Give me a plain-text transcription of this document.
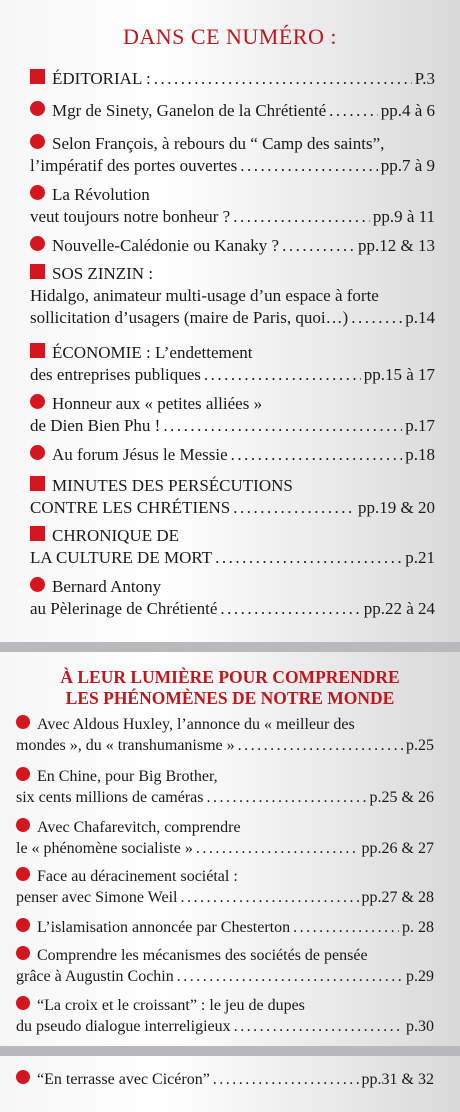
DANS CE NUMÉRO :
ÉDITORIAL : .....	P.3
Mgr de Sinety, Ganelon de la Chrétienté .....	pp.4 à 6
Selon François, à rebours du “ Camp des saints”,
l’impératif des portes ouvertes .....	pp.7 à 9
La Révolution
veut toujours notre bonheur ? .....	pp.9 à 11
Nouvelle-Calédonie ou Kanaky ? .....	pp.12 & 13
SOS ZINZIN :
Hidalgo, animateur multi-usage d’un espace à forte
sollicitation d’usagers (maire de Paris, quoi…) .....	p.14
ÉCONOMIE : L’endettement
des entreprises publiques .....	pp.15 à 17
Honneur aux « petites alliées »
de Dien Bien Phu ! .....	p.17
Au forum Jésus le Messie .....	p.18
MINUTES DES PERSÉCUTIONS
CONTRE LES CHRÉTIENS .....	pp.19 & 20
CHRONIQUE DE
LA CULTURE DE MORT .....	p.21
Bernard Antony
au Pèlerinage de Chrétienté .....	pp.22 à 24
À LEUR LUMIÈRE POUR COMPRENDRE
LES PHÉNOMÈNES DE NOTRE MONDE
Avec Aldous Huxley, l’annonce du « meilleur des
mondes », du « transhumanisme » .....	p.25
En Chine, pour Big Brother,
six cents millions de caméras .....	p.25 & 26
Avec Chafarevitch, comprendre
le « phénomène socialiste » .....	pp.26 & 27
Face au déracinement sociétal :
penser avec Simone Weil .....	pp.27 & 28
L’islamisation annoncée par Chesterton .....	p. 28
Comprendre les mécanismes des sociétés de pensée
grâce à Augustin Cochin .....	p.29
“La croix et le croissant” : le jeu de dupes
du pseudo dialogue interreligieux .....	p.30
“En terrasse avec Cicéron” .....	pp.31 & 32
